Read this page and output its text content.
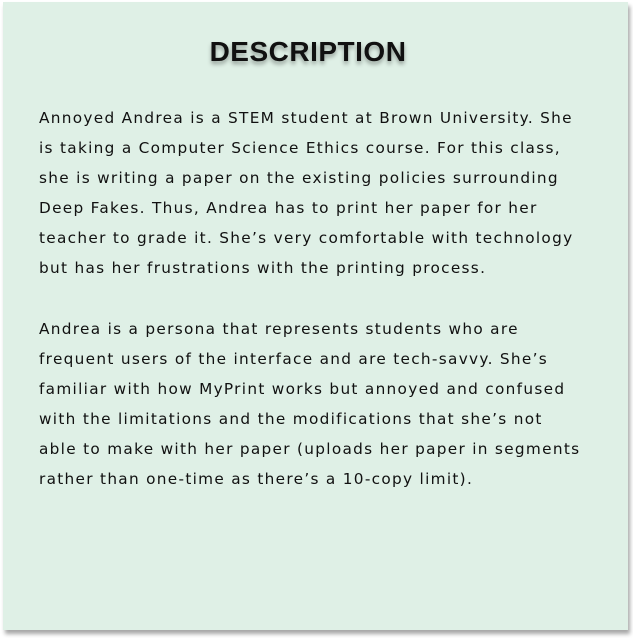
DESCRIPTION

Annoyed Andrea is a STEM student at Brown University. She
is taking a Computer Science Ethics course. For this class,
she is writing a paper on the existing policies surrounding
Deep Fakes. Thus, Andrea has to print her paper for her
teacher to grade it. She’s very comfortable with technology
but has her frustrations with the printing process.

Andrea is a persona that represents students who are
frequent users of the interface and are tech-savvy. She’s
familiar with how MyPrint works but annoyed and confused
with the limitations and the modifications that she’s not
able to make with her paper (uploads her paper in segments
rather than one-time as there’s a 10-copy limit).
